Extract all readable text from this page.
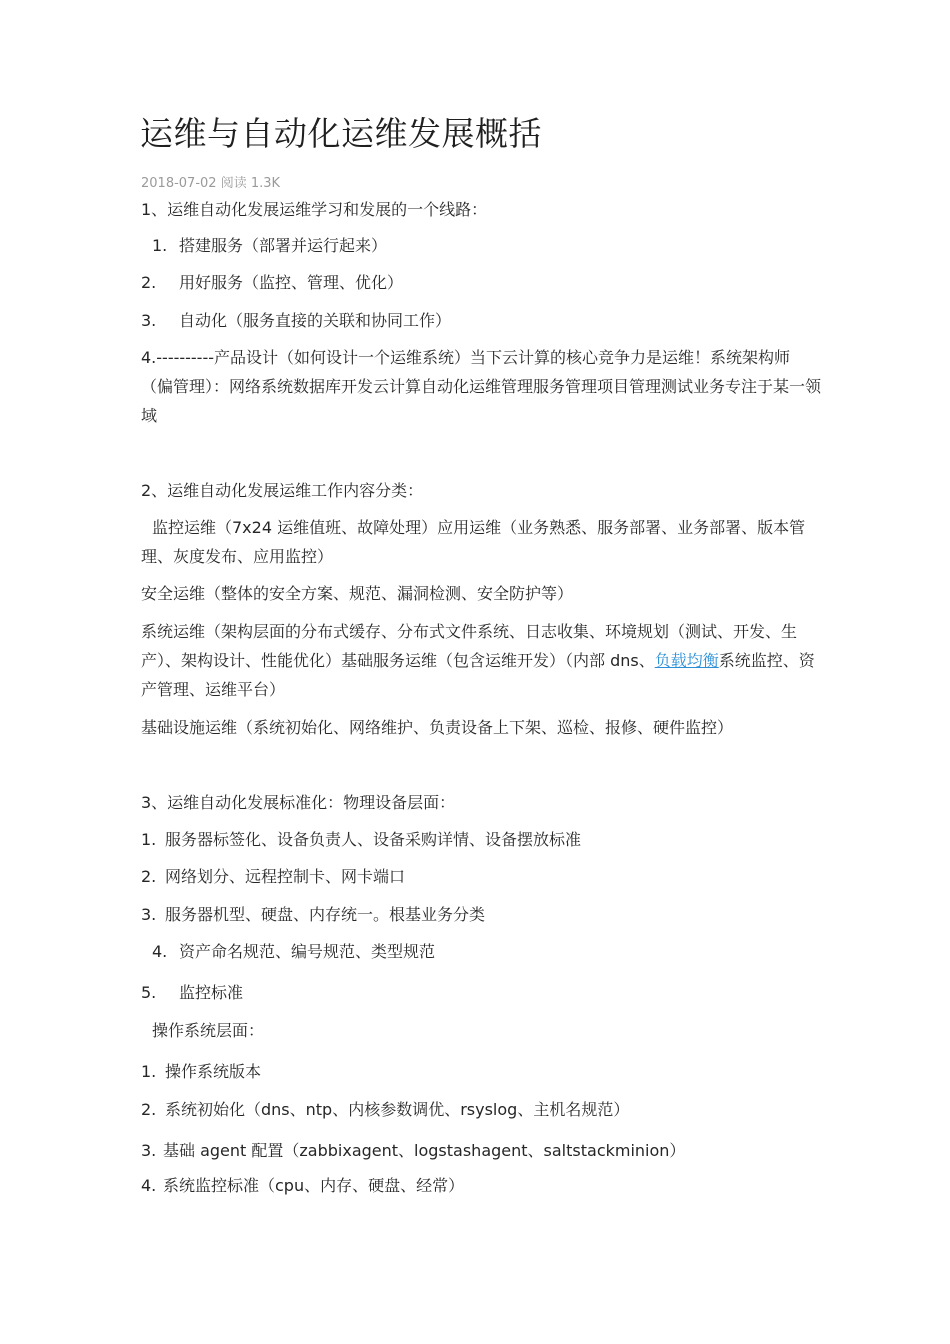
运维与自动化运维发展概括
2018-07-02 阅读 1.3K
1、运维自动化发展运维学习和发展的一个线路：
1. 搭建服务（部署并运行起来）
2. 用好服务（监控、管理、优化）
3. 自动化（服务直接的关联和协同工作）
4.----------产品设计（如何设计一个运维系统）当下云计算的核心竞争力是运维！系统架构师（偏管理）：网络系统数据库开发云计算自动化运维管理服务管理项目管理测试业务专注于某一领域
2、运维自动化发展运维工作内容分类：
监控运维（7x24 运维值班、故障处理）应用运维（业务熟悉、服务部署、业务部署、版本管理、灰度发布、应用监控）
安全运维（整体的安全方案、规范、漏洞检测、安全防护等）
系统运维（架构层面的分布式缓存、分布式文件系统、日志收集、环境规划（测试、开发、生产）、架构设计、性能优化）基础服务运维（包含运维开发）（内部 dns、负载均衡系统监控、资产管理、运维平台）
基础设施运维（系统初始化、网络维护、负责设备上下架、巡检、报修、硬件监控）
3、运维自动化发展标准化：物理设备层面：
1. 服务器标签化、设备负责人、设备采购详情、设备摆放标准
2. 网络划分、远程控制卡、网卡端口
3. 服务器机型、硬盘、内存统一。根基业务分类
4. 资产命名规范、编号规范、类型规范
5. 监控标准
操作系统层面：
1. 操作系统版本
2. 系统初始化（dns、ntp、内核参数调优、rsyslog、主机名规范）
3. 基础 agent 配置（zabbixagent、logstashagent、saltstackminion）
4. 系统监控标准（cpu、内存、硬盘、经常）
